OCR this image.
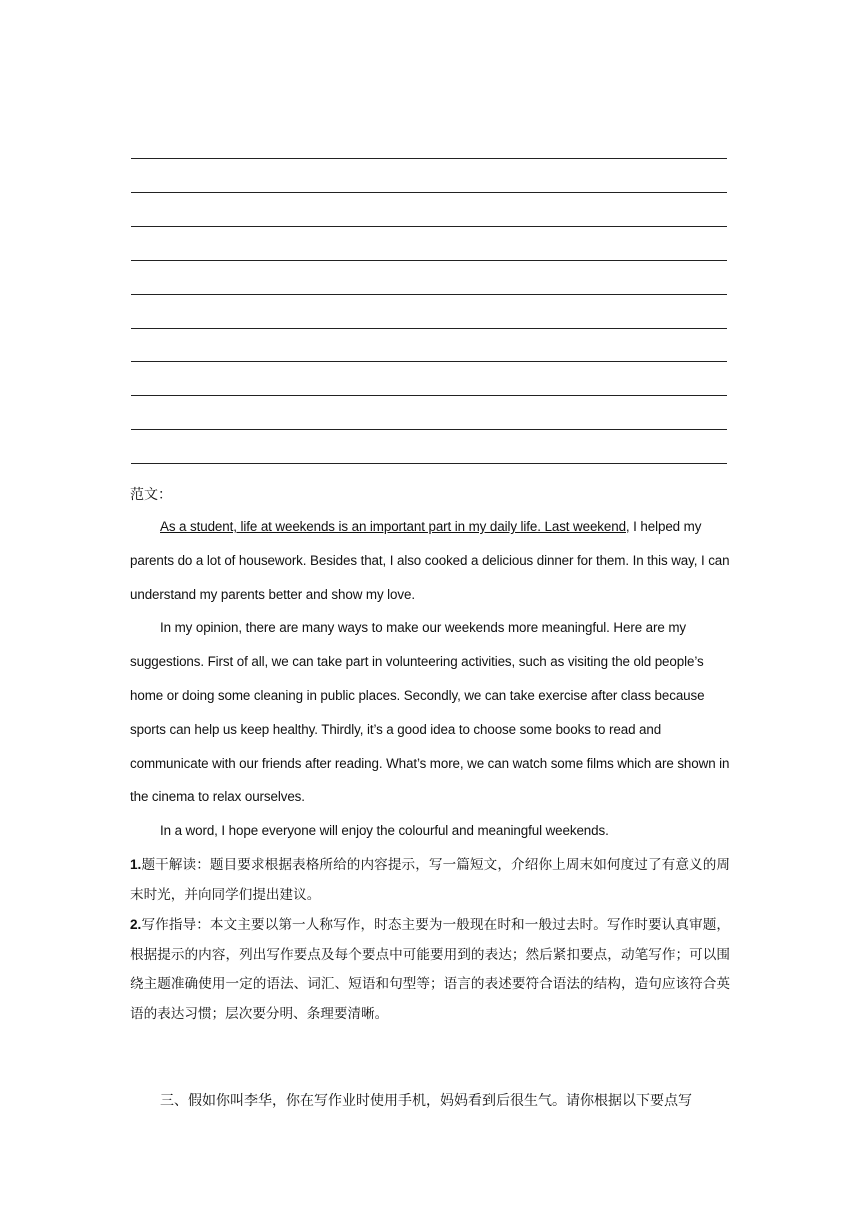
范文：

As a student, life at weekends is an important part in my daily life. Last weekend, I helped my parents do a lot of housework. Besides that, I also cooked a delicious dinner for them. In this way, I can understand my parents better and show my love.

In my opinion, there are many ways to make our weekends more meaningful. Here are my suggestions. First of all, we can take part in volunteering activities, such as visiting the old people’s home or doing some cleaning in public places. Secondly, we can take exercise after class because sports can help us keep healthy. Thirdly, it’s a good idea to choose some books to read and communicate with our friends after reading. What’s more, we can watch some films which are shown in the cinema to relax ourselves.

In a word, I hope everyone will enjoy the colourful and meaningful weekends.

1.题干解读：题目要求根据表格所给的内容提示，写一篇短文，介绍你上周末如何度过了有意义的周末时光，并向同学们提出建议。

2.写作指导：本文主要以第一人称写作，时态主要为一般现在时和一般过去时。写作时要认真审题，根据提示的内容，列出写作要点及每个要点中可能要用到的表达；然后紧扣要点，动笔写作；可以围绕主题准确使用一定的语法、词汇、短语和句型等；语言的表述要符合语法的结构，造句应该符合英语的表达习惯；层次要分明、条理要清晰。

三、假如你叫李华，你在写作业时使用手机，妈妈看到后很生气。请你根据以下要点写
